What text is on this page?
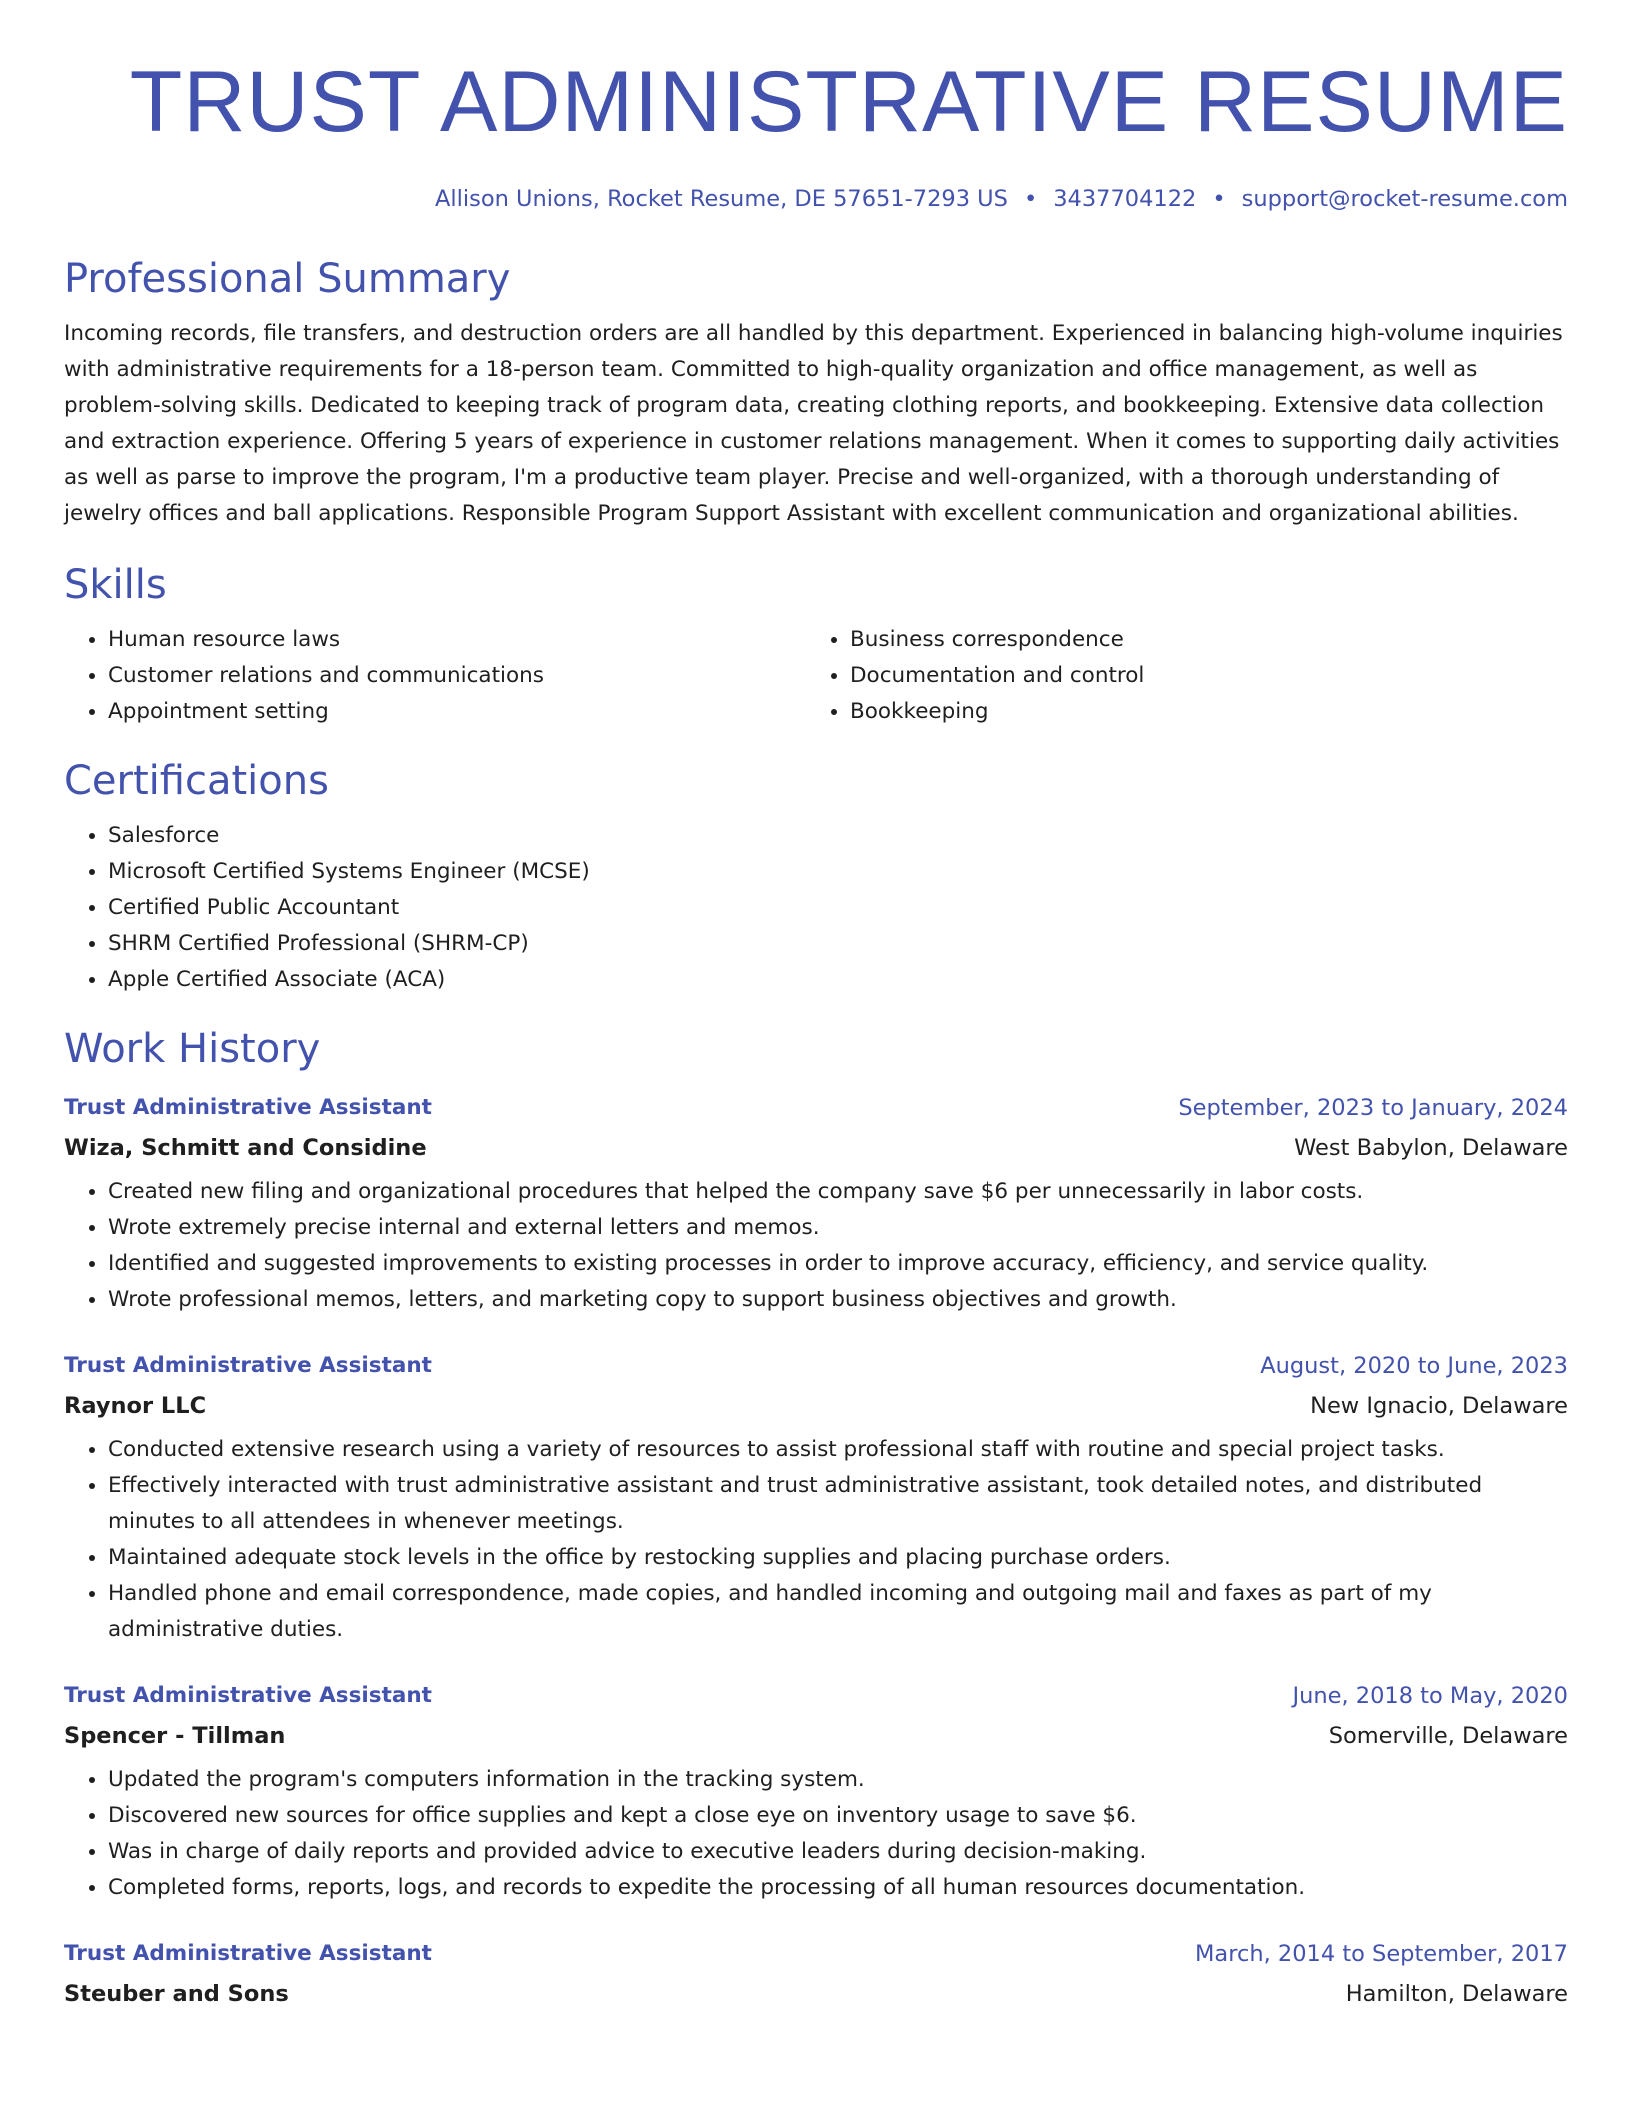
TRUST ADMINISTRATIVE RESUME
Allison Unions, Rocket Resume, DE 57651-7293 US • 3437704122 • support@rocket-resume.com
Professional Summary

Incoming records, file transfers, and destruction orders are all handled by this department. Experienced in balancing high-volume inquiries with administrative requirements for a 18-person team. Committed to high-quality organization and office management, as well as problem-solving skills. Dedicated to keeping track of program data, creating clothing reports, and bookkeeping. Extensive data collection and extraction experience. Offering 5 years of experience in customer relations management. When it comes to supporting daily activities as well as parse to improve the program, I'm a productive team player. Precise and well-organized, with a thorough understanding of jewelry offices and ball applications. Responsible Program Support Assistant with excellent communication and organizational abilities.

Skills
• Human resource laws
• Customer relations and communications
• Appointment setting
• Business correspondence
• Documentation and control
• Bookkeeping
Certifications
• Salesforce
• Microsoft Certified Systems Engineer (MCSE)
• Certified Public Accountant
• SHRM Certified Professional (SHRM-CP)
• Apple Certified Associate (ACA)
Work History
Trust Administrative Assistant	September, 2023 to January, 2024
Wiza, Schmitt and Considine	West Babylon, Delaware
• Created new filing and organizational procedures that helped the company save $6 per unnecessarily in labor costs.
• Wrote extremely precise internal and external letters and memos.
• Identified and suggested improvements to existing processes in order to improve accuracy, efficiency, and service quality.
• Wrote professional memos, letters, and marketing copy to support business objectives and growth.
Trust Administrative Assistant	August, 2020 to June, 2023
Raynor LLC	New Ignacio, Delaware
• Conducted extensive research using a variety of resources to assist professional staff with routine and special project tasks.
• Effectively interacted with trust administrative assistant and trust administrative assistant, took detailed notes, and distributed minutes to all attendees in whenever meetings.
• Maintained adequate stock levels in the office by restocking supplies and placing purchase orders.
• Handled phone and email correspondence, made copies, and handled incoming and outgoing mail and faxes as part of my administrative duties.
Trust Administrative Assistant	June, 2018 to May, 2020
Spencer - Tillman	Somerville, Delaware
• Updated the program's computers information in the tracking system.
• Discovered new sources for office supplies and kept a close eye on inventory usage to save $6.
• Was in charge of daily reports and provided advice to executive leaders during decision-making.
• Completed forms, reports, logs, and records to expedite the processing of all human resources documentation.
Trust Administrative Assistant	March, 2014 to September, 2017
Steuber and Sons	Hamilton, Delaware
